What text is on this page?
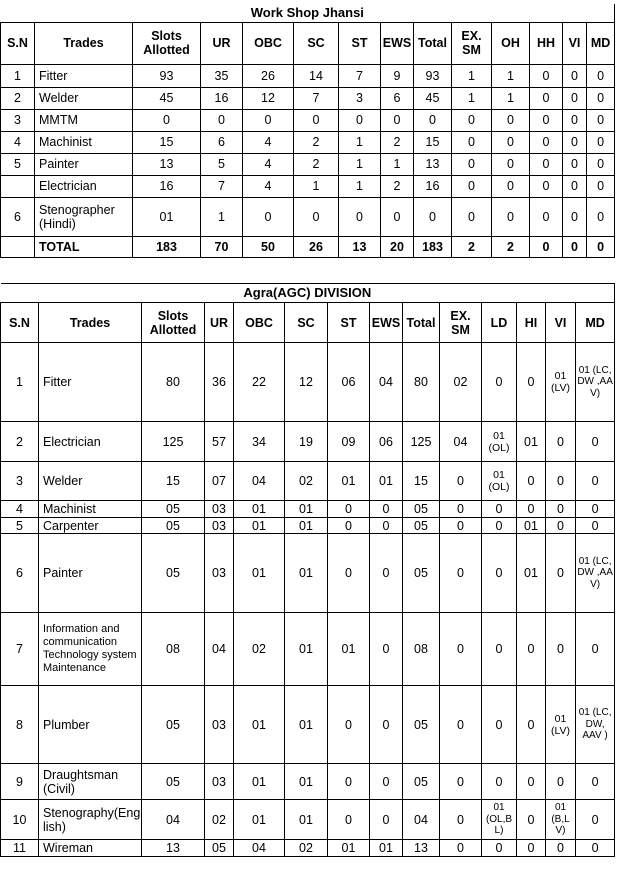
Work Shop Jhansi													
S.N	Trades	Slots Allotted	UR	OBC	SC	ST	EWS	Total	EX. SM	OH	HH	VI	MD
1	Fitter	93	35	26	14	7	9	93	1	1	0	0	0
2	Welder	45	16	12	7	3	6	45	1	1	0	0	0
3	MMTM	0	0	0	0	0	0	0	0	0	0	0	0
4	Machinist	15	6	4	2	1	2	15	0	0	0	0	0
5	Painter	13	5	4	2	1	1	13	0	0	0	0	0
	Electrician	16	7	4	1	1	2	16	0	0	0	0	0
6	Stenographer (Hindi)	01	1	0	0	0	0	0	0	0	0	0	0
	TOTAL	183	70	50	26	13	20	183	2	2	0	0	0
Agra(AGC) DIVISION													
S.N	Trades	Slots Allotted	UR	OBC	SC	ST	EWS	Total	EX. SM	LD	HI	VI	MD
1	Fitter	80	36	22	12	06	04	80	02	0	0	01 (LV)	01 (LC, DW ,AA V)
2	Electrician	125	57	34	19	09	06	125	04	01 (OL)	01	0	0
3	Welder	15	07	04	02	01	01	15	0	01 (OL)	0	0	0
4	Machinist	05	03	01	01	0	0	05	0	0	0	0	0
5	Carpenter	05	03	01	01	0	0	05	0	0	01	0	0
6	Painter	05	03	01	01	0	0	05	0	0	01	0	01 (LC, DW ,AA V)
7	Information and communication Technology system Maintenance	08	04	02	01	01	0	08	0	0	0	0	0
8	Plumber	05	03	01	01	0	0	05	0	0	0	01 (LV)	01 (LC, DW, AAV )
9	Draughtsman (Civil)	05	03	01	01	0	0	05	0	0	0	0	0
10	Stenography(Eng lish)	04	02	01	01	0	0	04	0	01 (OL,B L)	0	01 (B,L V)	0
11	Wireman	13	05	04	02	01	01	13	0	0	0	0	0
